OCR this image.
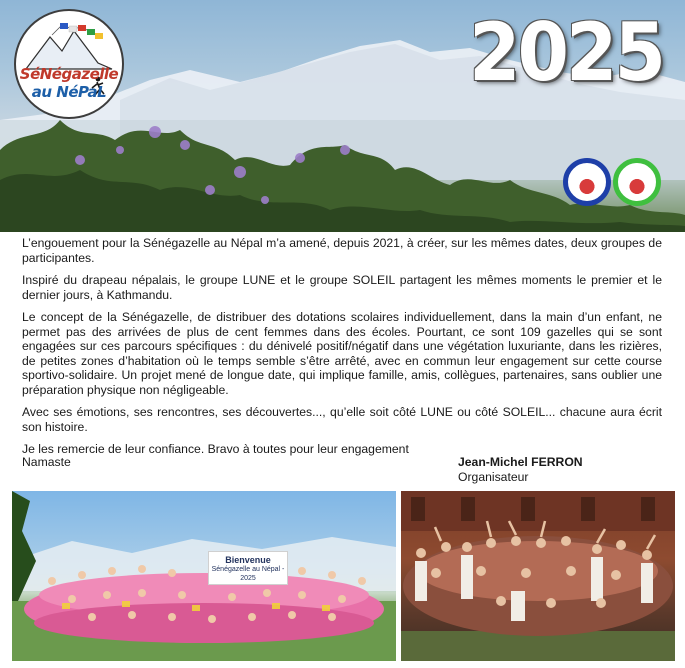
SéNégazelle
au NéPaL	2025

L’engouement pour la Sénégazelle au Népal m’a amené, depuis 2021, à créer, sur les mêmes dates, deux groupes de participantes.

Inspiré du drapeau népalais, le groupe LUNE et le groupe SOLEIL partagent les mêmes moments le premier et le dernier jours, à Kathmandu.

Le concept de la Sénégazelle, de distribuer des dotations scolaires individuellement, dans la main d’un enfant, ne permet pas des arrivées de plus de cent femmes dans des écoles. Pourtant, ce sont 109 gazelles qui se sont engagées sur ces parcours spécifiques : du dénivelé positif/négatif dans une végétation luxuriante, dans les rizières, de petites zones d’habitation où le temps semble s’être arrêté, avec en commun leur engagement sur cette course sportivo-solidaire. Un projet mené de longue date, qui implique famille, amis, collègues, partenaires, sans oublier une préparation physique non négligeable.

Avec ses émotions, ses rencontres, ses découvertes..., qu’elle soit côté LUNE ou côté SOLEIL... chacune aura écrit son histoire.

Je les remercie de leur confiance. Bravo à toutes pour leur engagement

Namaste	Jean-Michel FERRON
Organisateur
Bienvenue
Sénégazelle au Népal - 2025
